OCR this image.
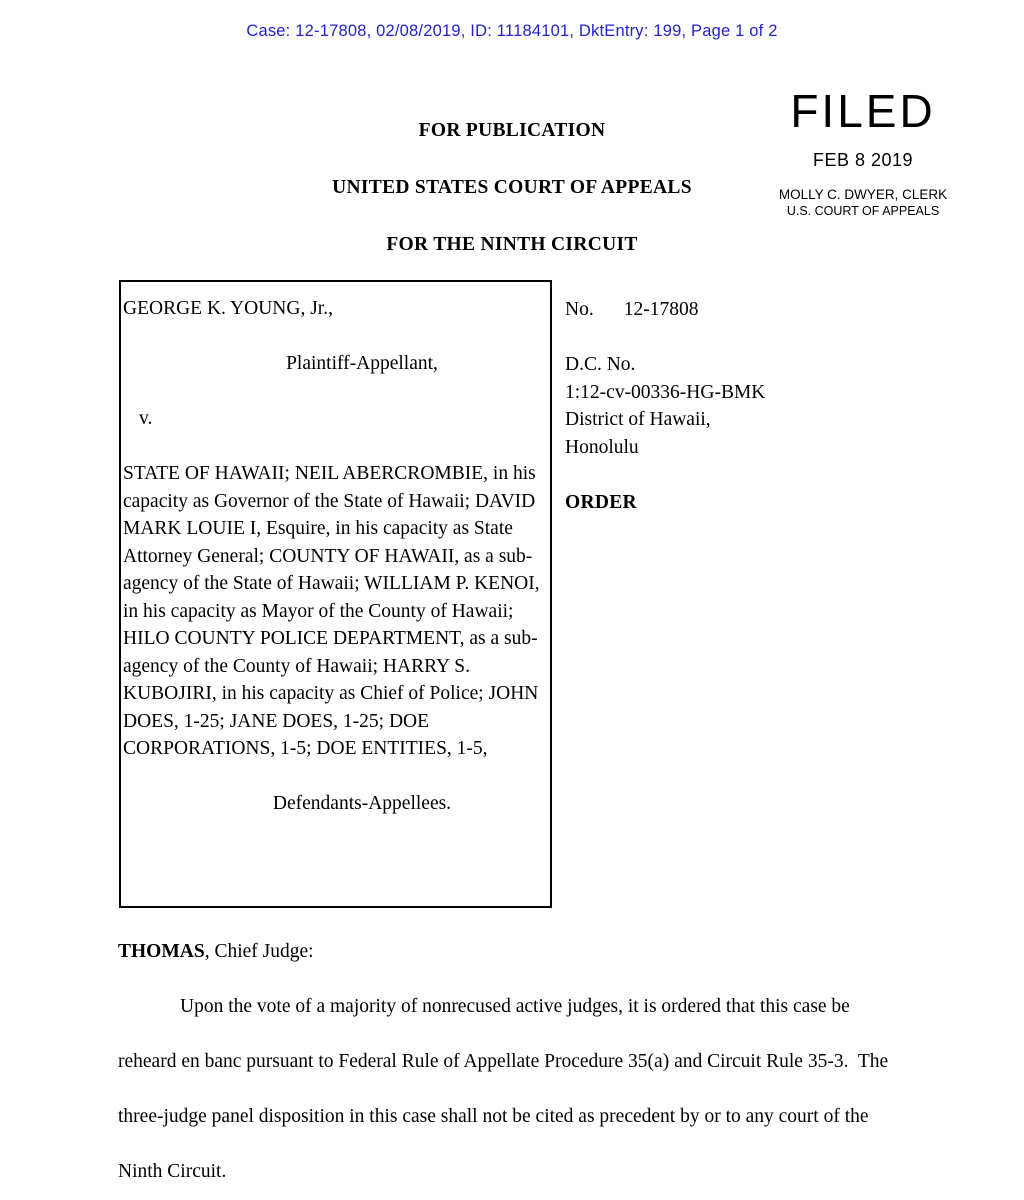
Case: 12-17808, 02/08/2019, ID: 11184101, DktEntry: 199, Page 1 of 2
FOR PUBLICATION
UNITED STATES COURT OF APPEALS
FOR THE NINTH CIRCUIT
FILED
FEB 8 2019
MOLLY C. DWYER, CLERK
U.S. COURT OF APPEALS
GEORGE K. YOUNG, Jr.,
Plaintiff-Appellant,
v.
STATE OF HAWAII; NEIL ABERCROMBIE, in his capacity as Governor of the State of Hawaii; DAVID MARK LOUIE I, Esquire, in his capacity as State Attorney General; COUNTY OF HAWAII, as a sub-agency of the State of Hawaii; WILLIAM P. KENOI, in his capacity as Mayor of the County of Hawaii; HILO COUNTY POLICE DEPARTMENT, as a sub-agency of the County of Hawaii; HARRY S. KUBOJIRI, in his capacity as Chief of Police; JOHN DOES, 1-25; JANE DOES, 1-25; DOE CORPORATIONS, 1-5; DOE ENTITIES, 1-5,
Defendants-Appellees.
No. 12-17808
D.C. No.
1:12-cv-00336-HG-BMK
District of Hawaii,
Honolulu
ORDER
THOMAS, Chief Judge:
Upon the vote of a majority of nonrecused active judges, it is ordered that this case be reheard en banc pursuant to Federal Rule of Appellate Procedure 35(a) and Circuit Rule 35-3.  The three-judge panel disposition in this case shall not be cited as precedent by or to any court of the Ninth Circuit.
